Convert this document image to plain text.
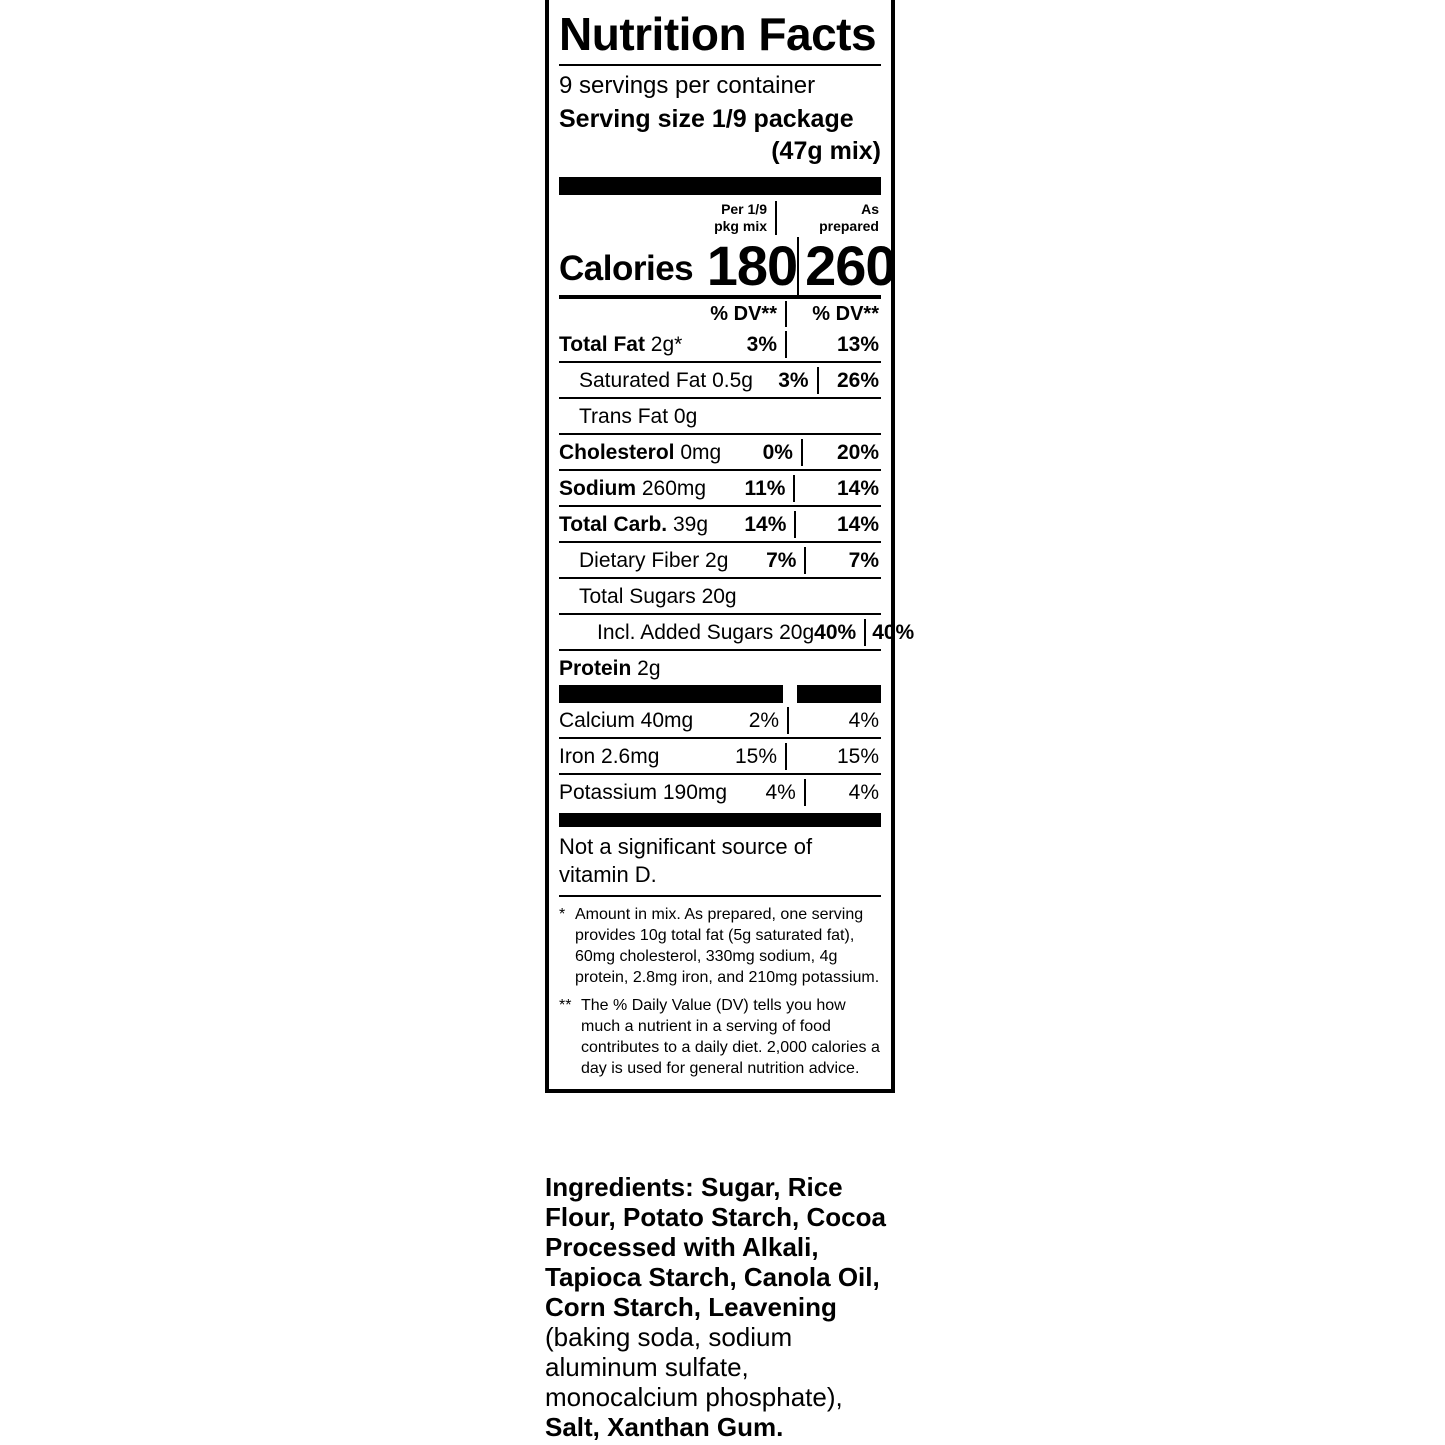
Nutrition Facts
9 servings per container
Serving size 1/9 package
(47g mix)
Per 1/9
pkg mix
As
prepared
Calories 180 260
% DV**	% DV**
Total Fat 2g*	3%	13%
Saturated Fat 0.5g	3%	26%
Trans Fat 0g
Cholesterol 0mg	0%	20%
Sodium 260mg	11%	14%
Total Carb. 39g	14%	14%
Dietary Fiber 2g	7%	7%
Total Sugars 20g
Incl. Added Sugars 20g 40% 40%
Protein 2g
Calcium 40mg	2%	4%
Iron 2.6mg	15%	15%
Potassium 190mg	4%	4%
Not a significant source of vitamin D.
* Amount in mix. As prepared, one serving provides 10g total fat (5g saturated fat), 60mg cholesterol, 330mg sodium, 4g protein, 2.8mg iron, and 210mg potassium.
** The % Daily Value (DV) tells you how much a nutrient in a serving of food contributes to a daily diet. 2,000 calories a day is used for general nutrition advice.
Ingredients: Sugar, Rice Flour, Potato Starch, Cocoa Processed with Alkali, Tapioca Starch, Canola Oil, Corn Starch, Leavening (baking soda, sodium aluminum sulfate, monocalcium phosphate), Salt, Xanthan Gum.
